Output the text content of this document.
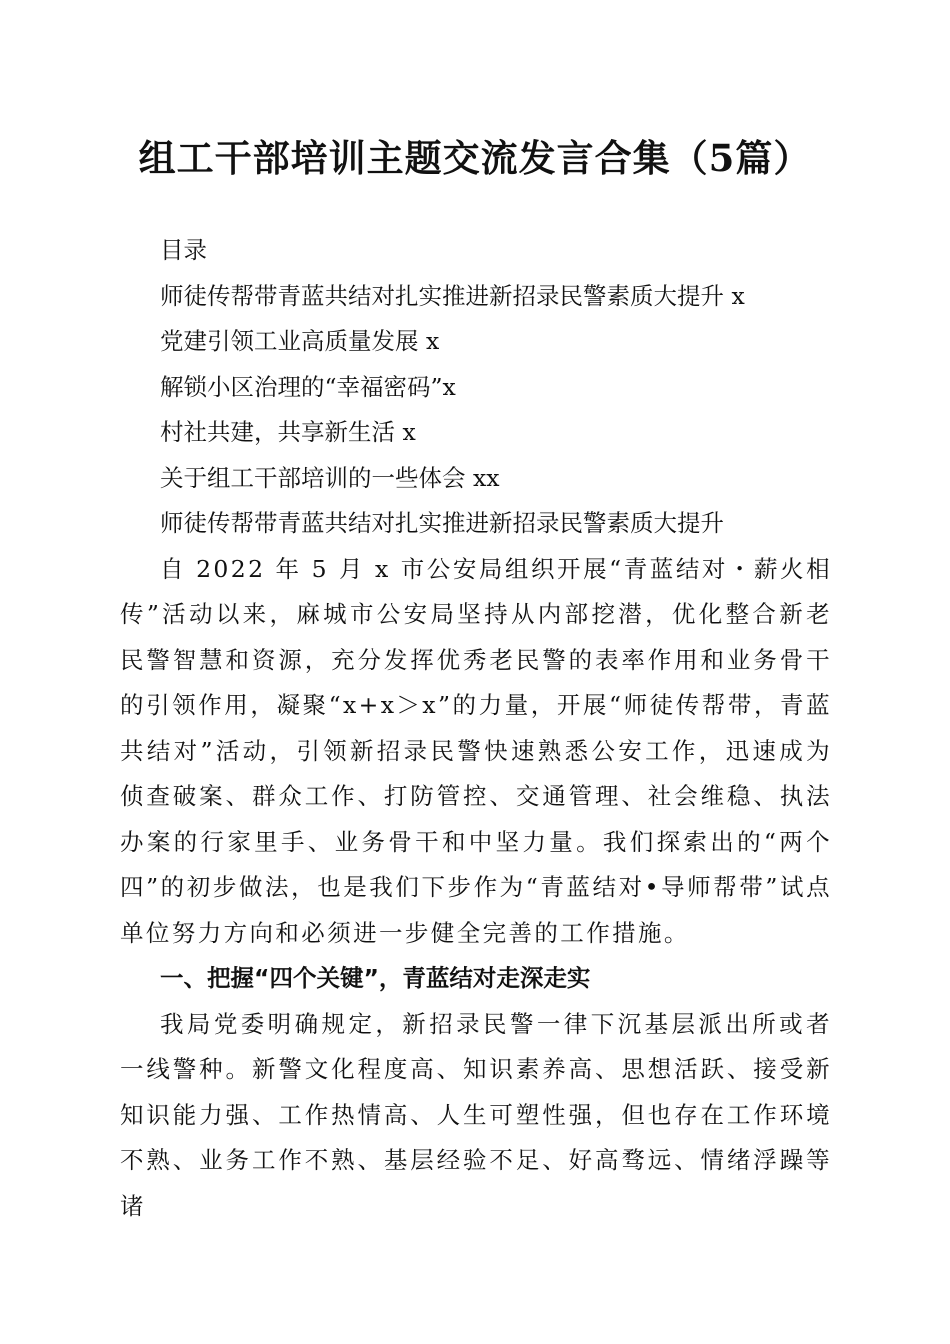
组工干部培训主题交流发言合集（5篇）

目录

师徒传帮带青蓝共结对扎实推进新招录民警素质大提升 x

党建引领工业高质量发展 x

解锁小区治理的“幸福密码”x

村社共建，共享新生活 x

关于组工干部培训的一些体会 xx

师徒传帮带青蓝共结对扎实推进新招录民警素质大提升

自 2022 年 5 月 x 市公安局组织开展“青蓝结对・薪火相传”活动以来，麻城市公安局坚持从内部挖潜，优化整合新老民警智慧和资源，充分发挥优秀老民警的表率作用和业务骨干的引领作用，凝聚“x+x＞x”的力量，开展“师徒传帮带，青蓝共结对”活动，引领新招录民警快速熟悉公安工作，迅速成为侦查破案、群众工作、打防管控、交通管理、社会维稳、执法办案的行家里手、业务骨干和中坚力量。我们探索出的“两个四”的初步做法，也是我们下步作为“青蓝结对•导师帮带”试点单位努力方向和必须进一步健全完善的工作措施。

一、把握“四个关键”，青蓝结对走深走实

我局党委明确规定，新招录民警一律下沉基层派出所或者一线警种。新警文化程度高、知识素养高、思想活跃、接受新知识能力强、工作热情高、人生可塑性强，但也存在工作环境不熟、业务工作不熟、基层经验不足、好高骛远、情绪浮躁等诸
